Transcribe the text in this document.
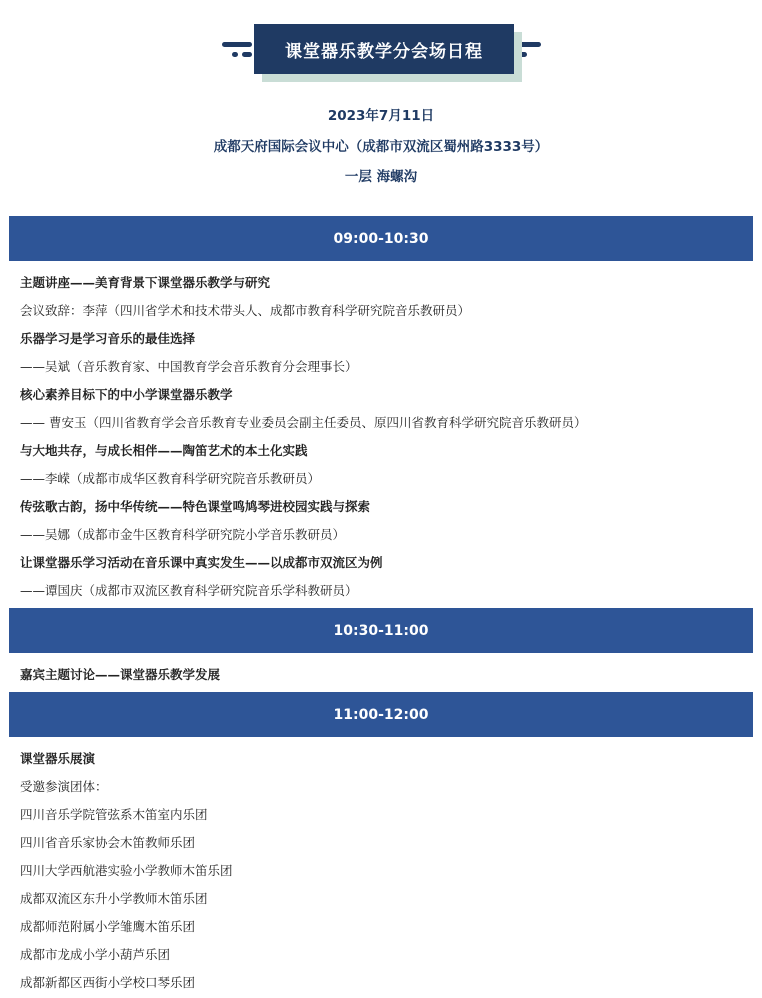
课堂器乐教学分会场日程
2023年7月11日
成都天府国际会议中心（成都市双流区蜀州路3333号）
一层 海螺沟
09:00-10:30
10:30-11:00
11:00-12:00
主题讲座——美育背景下课堂器乐教学与研究
会议致辞：李萍（四川省学术和技术带头人、成都市教育科学研究院音乐教研员）
乐器学习是学习音乐的最佳选择
——吴斌（音乐教育家、中国教育学会音乐教育分会理事长）
核心素养目标下的中小学课堂器乐教学
—— 曹安玉（四川省教育学会音乐教育专业委员会副主任委员、原四川省教育科学研究院音乐教研员）
与大地共存，与成长相伴——陶笛艺术的本土化实践
——李嵘（成都市成华区教育科学研究院音乐教研员）
传弦歌古韵，扬中华传统——特色课堂鸣鸠琴进校园实践与探索
——吴娜（成都市金牛区教育科学研究院小学音乐教研员）
让课堂器乐学习活动在音乐课中真实发生——以成都市双流区为例
——谭国庆（成都市双流区教育科学研究院音乐学科教研员）
嘉宾主题讨论——课堂器乐教学发展
课堂器乐展演
受邀参演团体：
四川音乐学院管弦系木笛室内乐团
四川省音乐家协会木笛教师乐团
四川大学西航港实验小学教师木笛乐团
成都双流区东升小学教师木笛乐团
成都师范附属小学雏鹰木笛乐团
成都市龙成小学小葫芦乐团
成都新都区西街小学校口琴乐团
